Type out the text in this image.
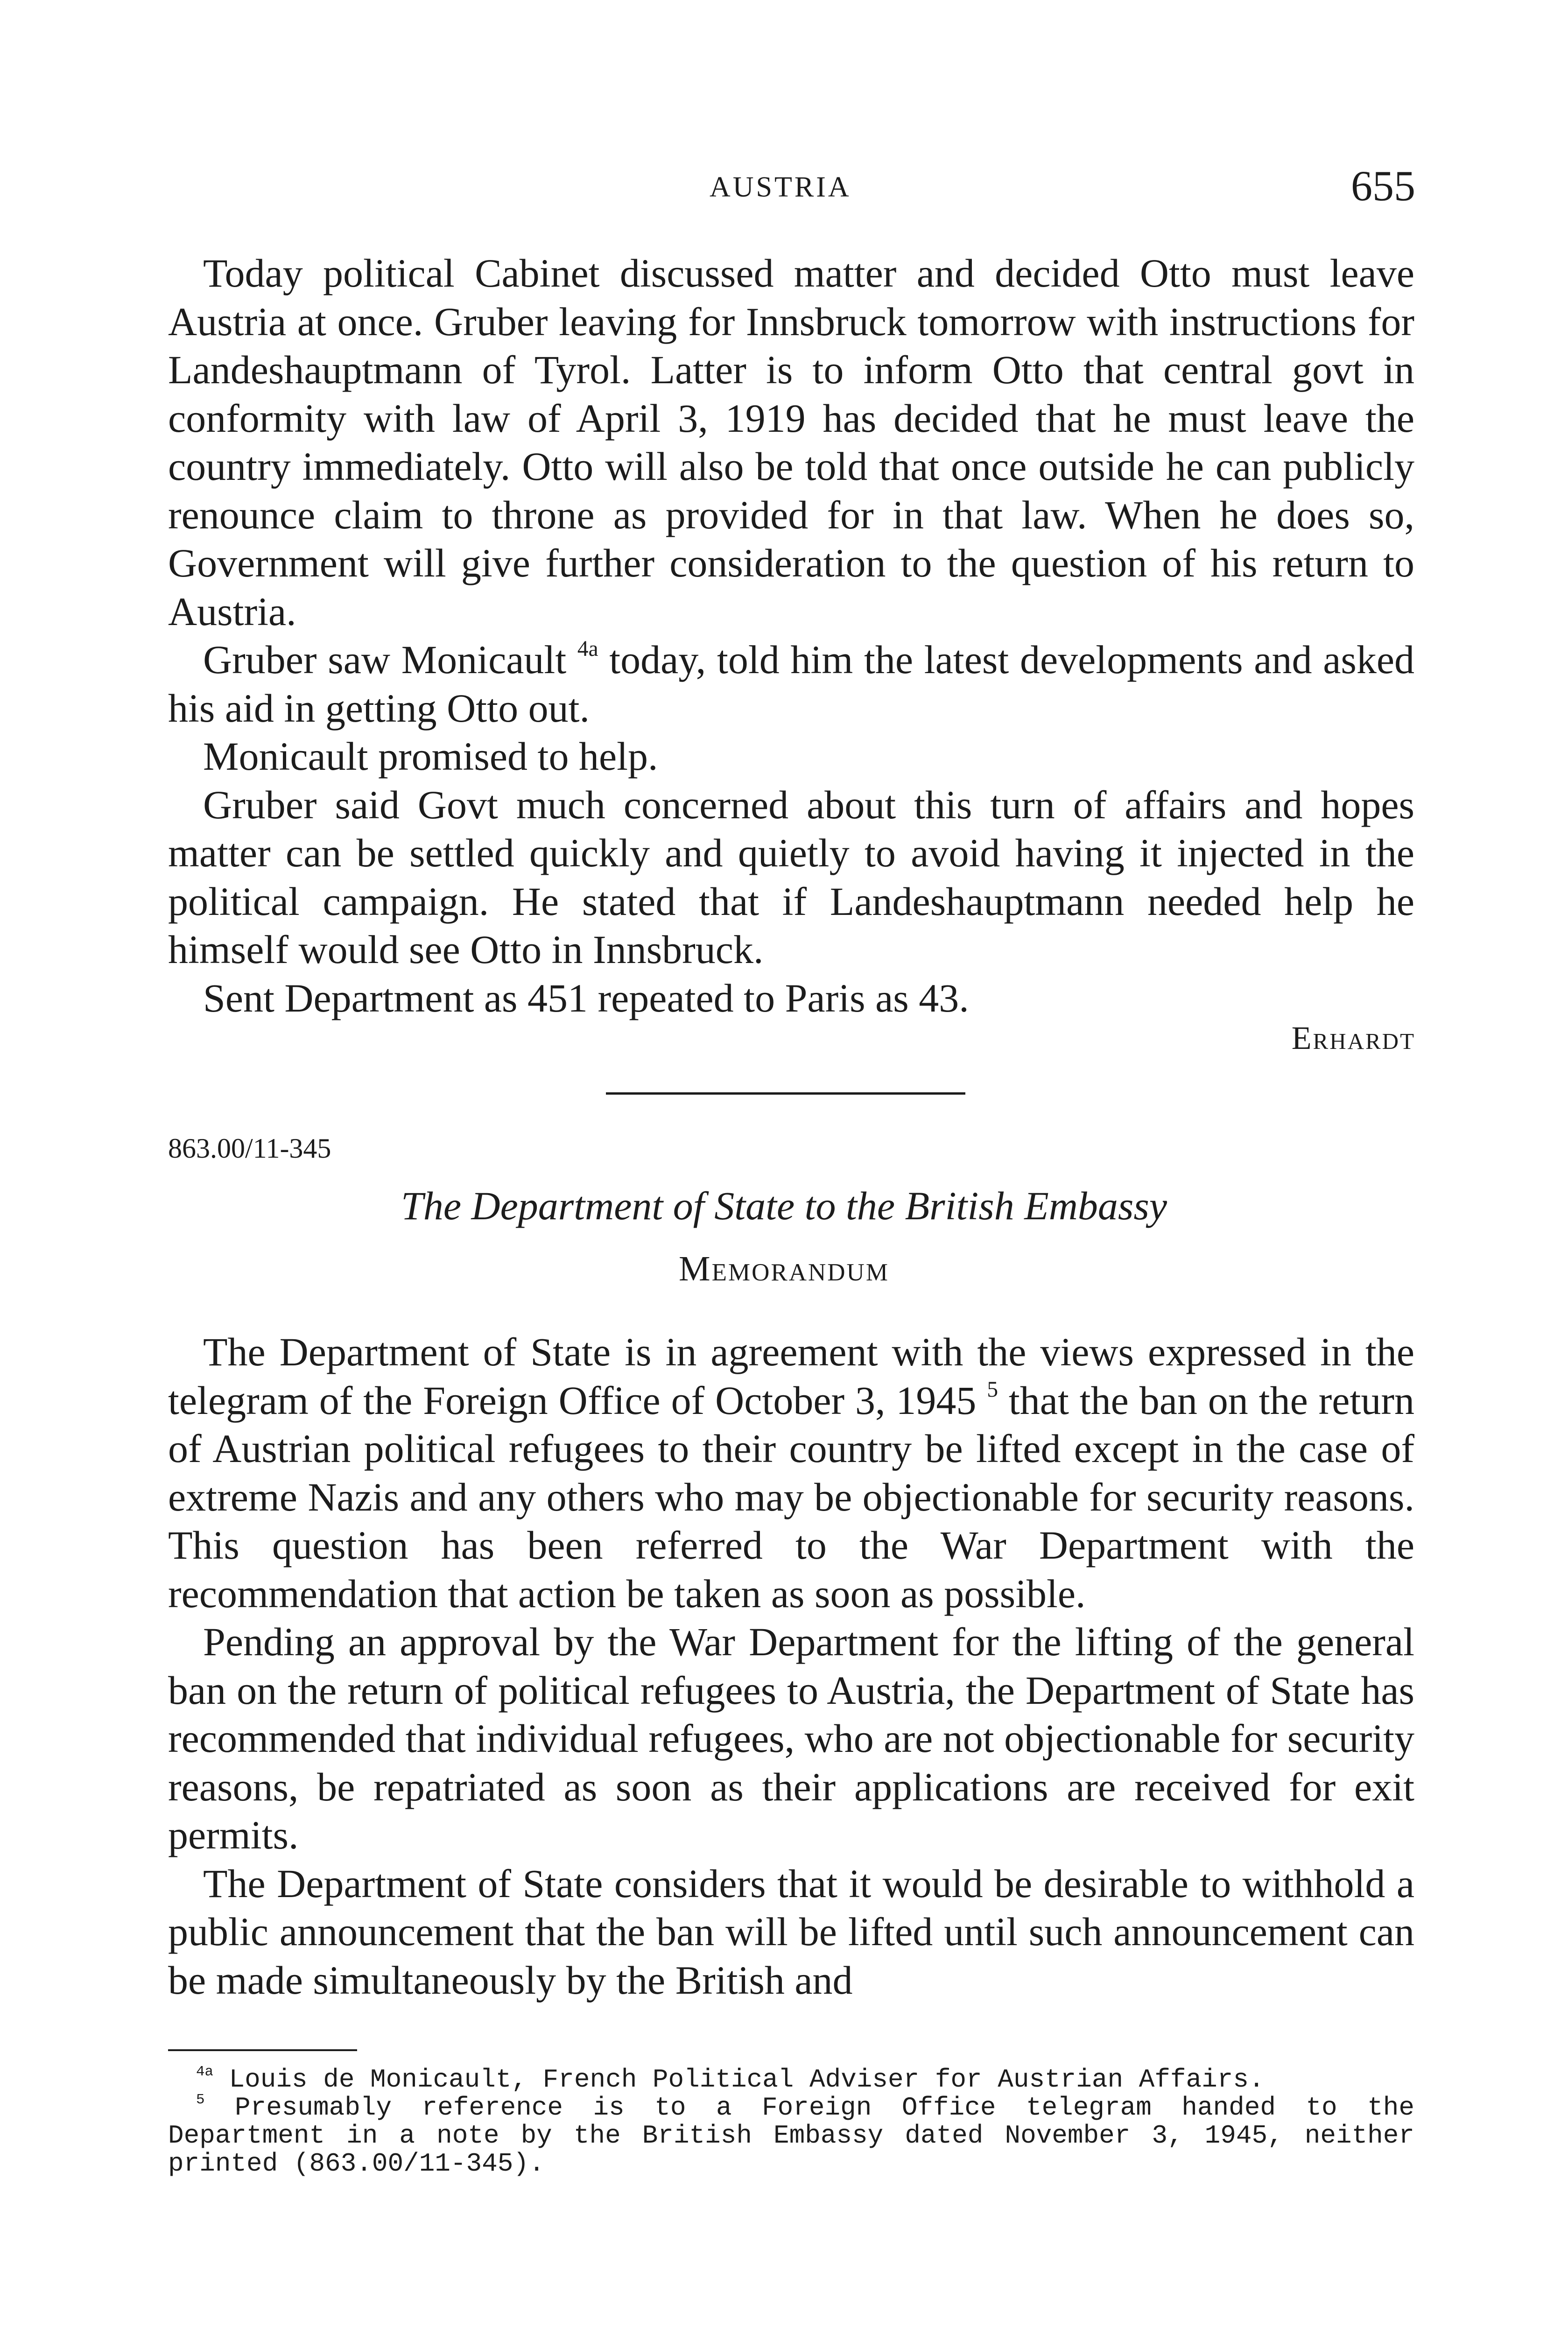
AUSTRIA	655

Today political Cabinet discussed matter and decided Otto must leave Austria at once. Gruber leaving for Innsbruck tomorrow with instructions for Landeshauptmann of Tyrol. Latter is to inform Otto that central govt in conformity with law of April 3, 1919 has decided that he must leave the country immediately. Otto will also be told that once outside he can publicly renounce claim to throne as provided for in that law. When he does so, Government will give further consideration to the question of his return to Austria.

Gruber saw Monicault $^{4a}$ today, told him the latest developments and asked his aid in getting Otto out.

Monicault promised to help.

Gruber said Govt much concerned about this turn of affairs and hopes matter can be settled quickly and quietly to avoid having it injected in the political campaign. He stated that if Landeshauptmann needed help he himself would see Otto in Innsbruck.

Sent Department as 451 repeated to Paris as 43.

Erhardt
863.00/11-345
The Department of State to the British Embassy
Memorandum

The Department of State is in agreement with the views expressed in the telegram of the Foreign Office of October 3, 1945 $^5$ that the ban on the return of Austrian political refugees to their country be lifted except in the case of extreme Nazis and any others who may be objectionable for security reasons. This question has been referred to the War Department with the recommendation that action be taken as soon as possible.

Pending an approval by the War Department for the lifting of the general ban on the return of political refugees to Austria, the Department of State has recommended that individual refugees, who are not objectionable for security reasons, be repatriated as soon as their applications are received for exit permits.

The Department of State considers that it would be desirable to withhold a public announcement that the ban will be lifted until such announcement can be made simultaneously by the British and

$^{4a}$ Louis de Monicault, French Political Adviser for Austrian Affairs.

$^5$ Presumably reference is to a Foreign Office telegram handed to the Department in a note by the British Embassy dated November 3, 1945, neither printed (863.00/11-345).
